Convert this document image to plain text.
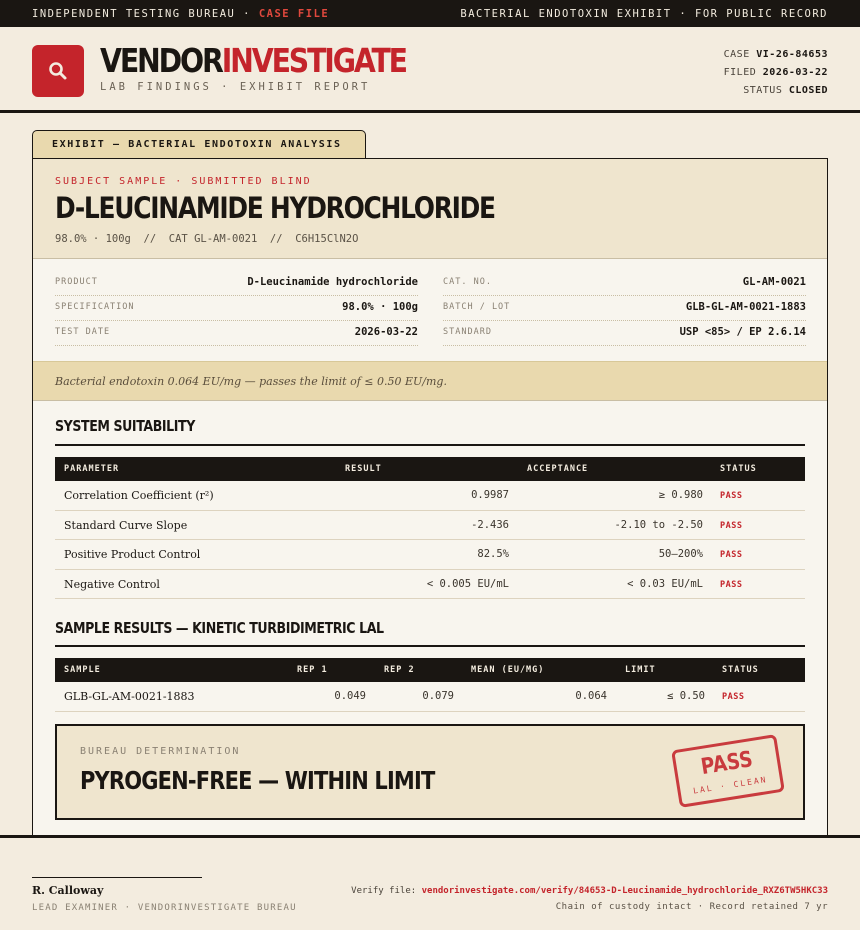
INDEPENDENT TESTING BUREAU · CASE FILE	BACTERIAL ENDOTOXIN EXHIBIT · FOR PUBLIC RECORD
VENDORINVESTIGATE
LAB FINDINGS · EXHIBIT REPORT
CASE VI-26-84653
FILED 2026-03-22
STATUS CLOSED
EXHIBIT — BACTERIAL ENDOTOXIN ANALYSIS
SUBJECT SAMPLE · SUBMITTED BLIND
D-LEUCINAMIDE HYDROCHLORIDE
98.0% · 100g  //  CAT GL-AM-0021  //  C6H15ClN2O
PRODUCT	D-Leucinamide hydrochloride
SPECIFICATION	98.0% · 100g
TEST DATE	2026-03-22
CAT. NO.	GL-AM-0021
BATCH / LOT	GLB-GL-AM-0021-1883
STANDARD	USP <85> / EP 2.6.14
Bacterial endotoxin 0.064 EU/mg — passes the limit of ≤ 0.50 EU/mg.
SYSTEM SUITABILITY
PARAMETER	RESULT	ACCEPTANCE	STATUS
Correlation Coefficient (r²)	0.9987	≥ 0.980 PASS
Standard Curve Slope	-2.436	-2.10 to -2.50 PASS
Positive Product Control	82.5%	50–200% PASS
Negative Control	< 0.005 EU/mL	< 0.03 EU/mL PASS
SAMPLE RESULTS — KINETIC TURBIDIMETRIC LAL
SAMPLE	REP 1	REP 2	MEAN (EU/MG)	LIMIT	STATUS
GLB-GL-AM-0021-1883	0.049	0.079	0.064	≤ 0.50 PASS
BUREAU DETERMINATION
PYROGEN-FREE — WITHIN LIMIT
PASS
LAL · CLEAN
R. Calloway
LEAD EXAMINER · VENDORINVESTIGATE BUREAU
Verify file: vendorinvestigate.com/verify/84653-D-Leucinamide_hydrochloride_RXZ6TW5HKC33
Chain of custody intact · Record retained 7 yr
